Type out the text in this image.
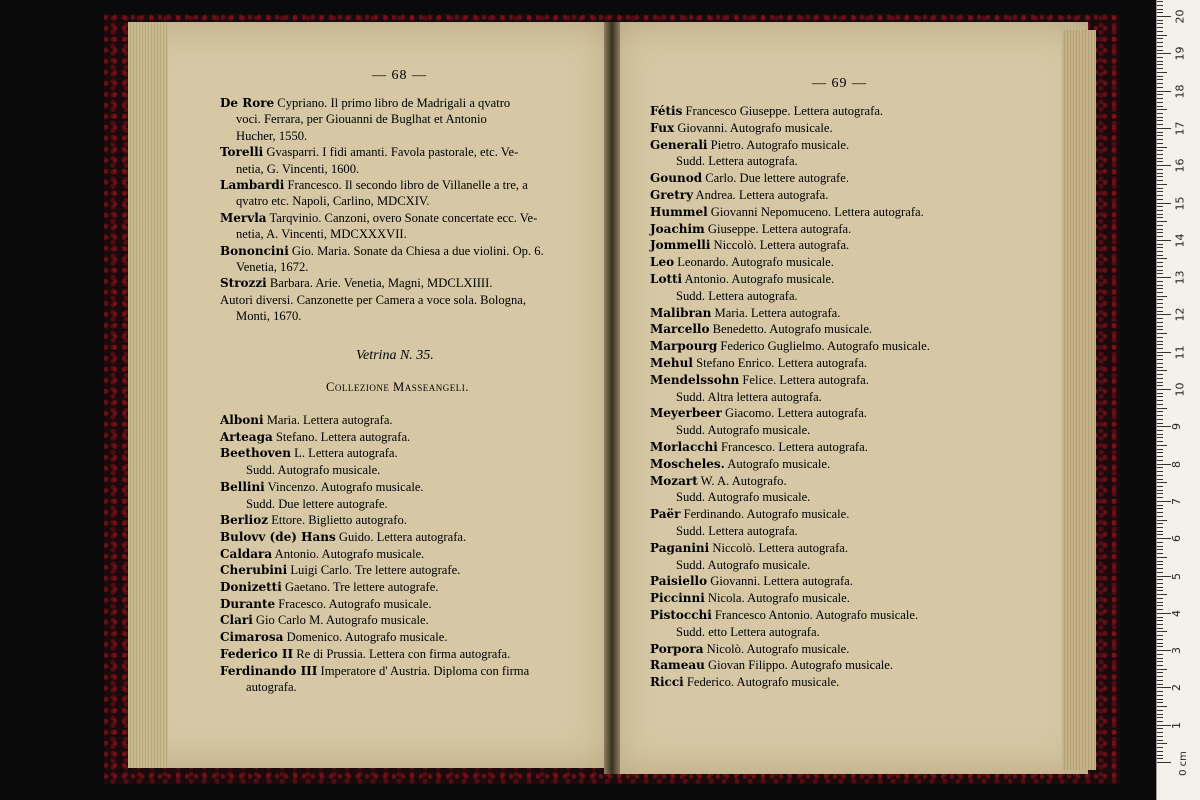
— 68 —
— 69 —
De Rore Cypriano. Il primo libro de Madrigali a qvatro
voci. Ferrara, per Giouanni de Buglhat et Antonio
Hucher, 1550.
Torelli Gvasparri. I fidi amanti. Favola pastorale, etc. Ve-
netia, G. Vincenti, 1600.
Lambardi Francesco. Il secondo libro de Villanelle a tre, a
qvatro etc. Napoli, Carlino, MDCXIV.
Mervla Tarqvinio. Canzoni, overo Sonate concertate ecc. Ve-
netia, A. Vincenti, MDCXXXVII.
Bononcini Gio. Maria. Sonate da Chiesa a due violini. Op. 6.
Venetia, 1672.
Strozzi Barbara. Arie. Venetia, Magni, MDCLXIIII.
Autori diversi. Canzonette per Camera a voce sola. Bologna,
Monti, 1670.
Vetrina N. 35.
Collezione Masseangeli.
Alboni Maria. Lettera autografa.
Arteaga Stefano. Lettera autografa.
Beethoven L. Lettera autografa.
Sudd. Autografo musicale.
Bellini Vincenzo. Autografo musicale.
Sudd. Due lettere autografe.
Berlioz Ettore. Biglietto autografo.
Bulovv (de) Hans Guido. Lettera autografa.
Caldara Antonio. Autografo musicale.
Cherubini Luigi Carlo. Tre lettere autografe.
Donizetti Gaetano. Tre lettere autografe.
Durante Fracesco. Autografo musicale.
Clari Gio Carlo M. Autografo musicale.
Cimarosa Domenico. Autografo musicale.
Federico II Re di Prussia. Lettera con firma autografa.
Ferdinando III Imperatore d' Austria. Diploma con firma
autografa.
Fétis Francesco Giuseppe. Lettera autografa.
Fux Giovanni. Autografo musicale.
Generali Pietro. Autografo musicale.
Sudd. Lettera autografa.
Gounod Carlo. Due lettere autografe.
Gretry Andrea. Lettera autografa.
Hummel Giovanni Nepomuceno. Lettera autografa.
Joachim Giuseppe. Lettera autografa.
Jommelli Niccolò. Lettera autografa.
Leo Leonardo. Autografo musicale.
Lotti Antonio. Autografo musicale.
Sudd. Lettera autografa.
Malibran Maria. Lettera autografa.
Marcello Benedetto. Autografo musicale.
Marpourg Federico Guglielmo. Autografo musicale.
Mehul Stefano Enrico. Lettera autografa.
Mendelssohn Felice. Lettera autografa.
Sudd. Altra lettera autografa.
Meyerbeer Giacomo. Lettera autografa.
Sudd. Autografo musicale.
Morlacchi Francesco. Lettera autografa.
Moscheles. Autografo musicale.
Mozart W. A. Autografo.
Sudd. Autografo musicale.
Paër Ferdinando. Autografo musicale.
Sudd. Lettera autografa.
Paganini Niccolò. Lettera autografa.
Sudd. Autografo musicale.
Paisiello Giovanni. Lettera autografa.
Piccinni Nicola. Autografo musicale.
Pistocchi Francesco Antonio. Autografo musicale.
Sudd. etto Lettera autografa.
Porpora Nicolò. Autografo musicale.
Rameau Giovan Filippo. Autografo musicale.
Ricci Federico. Autografo musicale.
0 cm
1
2
3
4
5
6
7
8
9
10
11
12
13
14
15
16
17
18
19
20
